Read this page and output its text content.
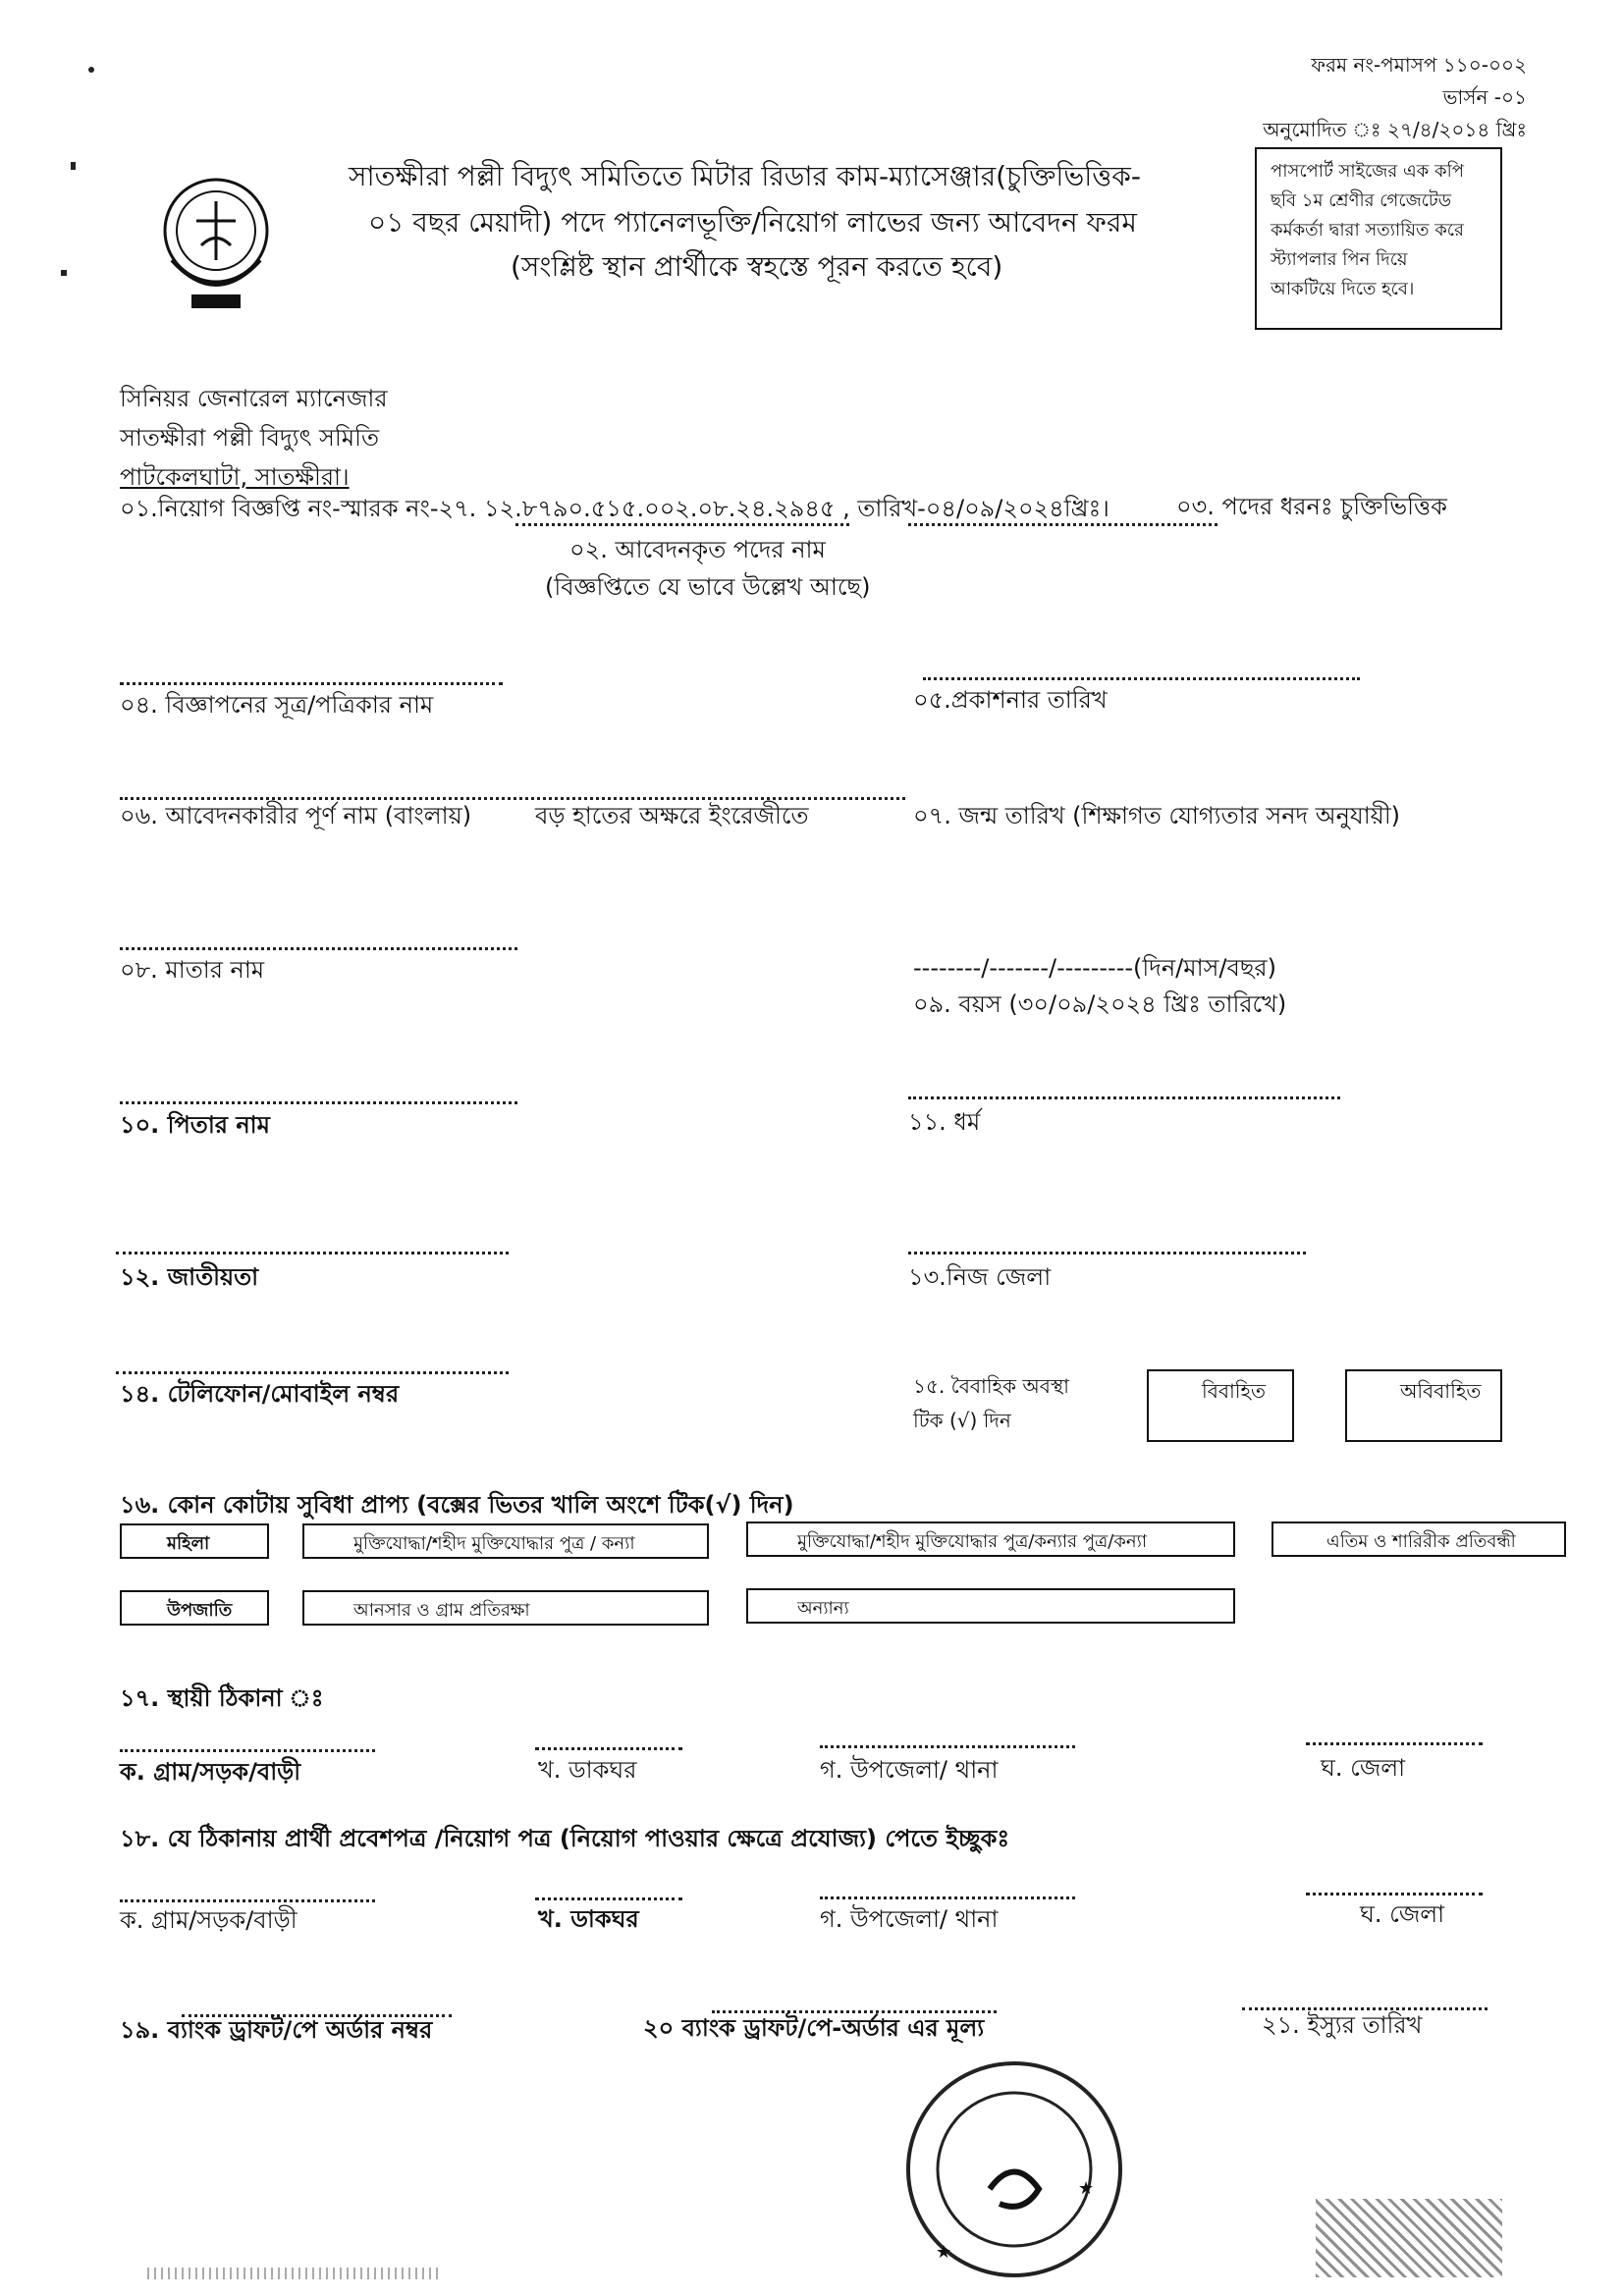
ফরম নং-পমাসপ ১১০-০০২
ভার্সন -০১
অনুমোদিত ঃ ২৭/৪/২০১৪ খ্রিঃ
সাতক্ষীরা পল্লী বিদ্যুৎ সমিতিতে মিটার রিডার কাম-ম্যাসেঞ্জার(চুক্তিভিত্তিক-
০১ বছর মেয়াদী) পদে প্যানেলভূক্তি/নিয়োগ লাভের জন্য আবেদন ফরম
(সংশ্লিষ্ট স্থান প্রার্থীকে স্বহস্তে পূরন করতে হবে)
পাসপোর্ট সাইজের এক কপি
ছবি ১ম শ্রেণীর গেজেটেড
কর্মকর্তা দ্বারা সত্যায়িত করে
স্ট্যাপলার পিন দিয়ে
আকটিয়ে দিতে হবে।
সিনিয়র জেনারেল ম্যানেজার
সাতক্ষীরা পল্লী বিদ্যুৎ সমিতি
পাটকেলঘাটা, সাতক্ষীরা।
০১.নিয়োগ বিজ্ঞপ্তি নং-স্মারক নং-২৭. ১২.৮৭৯০.৫১৫.০০২.০৮.২৪.২৯৪৫ , তারিখ-০৪/০৯/২০২৪খ্রিঃ।	০৩. পদের ধরনঃ চুক্তিভিত্তিক
০২. আবেদনকৃত পদের নাম
(বিজ্ঞপ্তিতে যে ভাবে উল্লেখ আছে)
০৪. বিজ্ঞাপনের সূত্র/পত্রিকার নাম	০৫.প্রকাশনার তারিখ
০৬. আবেদনকারীর পূর্ণ নাম (বাংলায়)	বড় হাতের অক্ষরে ইংরেজীতে	০৭. জন্ম তারিখ (শিক্ষাগত যোগ্যতার সনদ অনুযায়ী)
০৮. মাতার নাম	--------/-------/---------(দিন/মাস/বছর)
০৯. বয়স (৩০/০৯/২০২৪ খ্রিঃ তারিখে)
১০. পিতার নাম	১১. ধর্ম
১২. জাতীয়তা	১৩.নিজ জেলা
১৪. টেলিফোন/মোবাইল নম্বর	১৫. বৈবাহিক অবস্থা
টিক (√) দিন
বিবাহিত	অবিবাহিত
১৬. কোন কোটায় সুবিধা প্রাপ্য (বক্সের ভিতর খালি অংশে টিক(√) দিন)
মহিলা	মুক্তিযোদ্ধা/শহীদ মুক্তিযোদ্ধার পুত্র / কন্যা	মুক্তিযোদ্ধা/শহীদ মুক্তিযোদ্ধার পুত্র/কন্যার পুত্র/কন্যা	এতিম ও শারিরীক প্রতিবন্ধী
উপজাতি	আনসার ও গ্রাম প্রতিরক্ষা	অন্যান্য
১৭. স্থায়ী ঠিকানা ঃ
ক. গ্রাম/সড়ক/বাড়ী	খ. ডাকঘর	গ. উপজেলা/ থানা	ঘ. জেলা
১৮. যে ঠিকানায় প্রার্থী প্রবেশপত্র /নিয়োগ পত্র (নিয়োগ পাওয়ার ক্ষেত্রে প্রযোজ্য) পেতে ইচ্ছুকঃ
ক. গ্রাম/সড়ক/বাড়ী	খ. ডাকঘর	গ. উপজেলা/ থানা	ঘ. জেলা
১৯. ব্যাংক ড্রাফট/পে অর্ডার নম্বর	২০ ব্যাংক ড্রাফট/পে-অর্ডার এর মূল্য	২১. ইস্যুর তারিখ
★
★
